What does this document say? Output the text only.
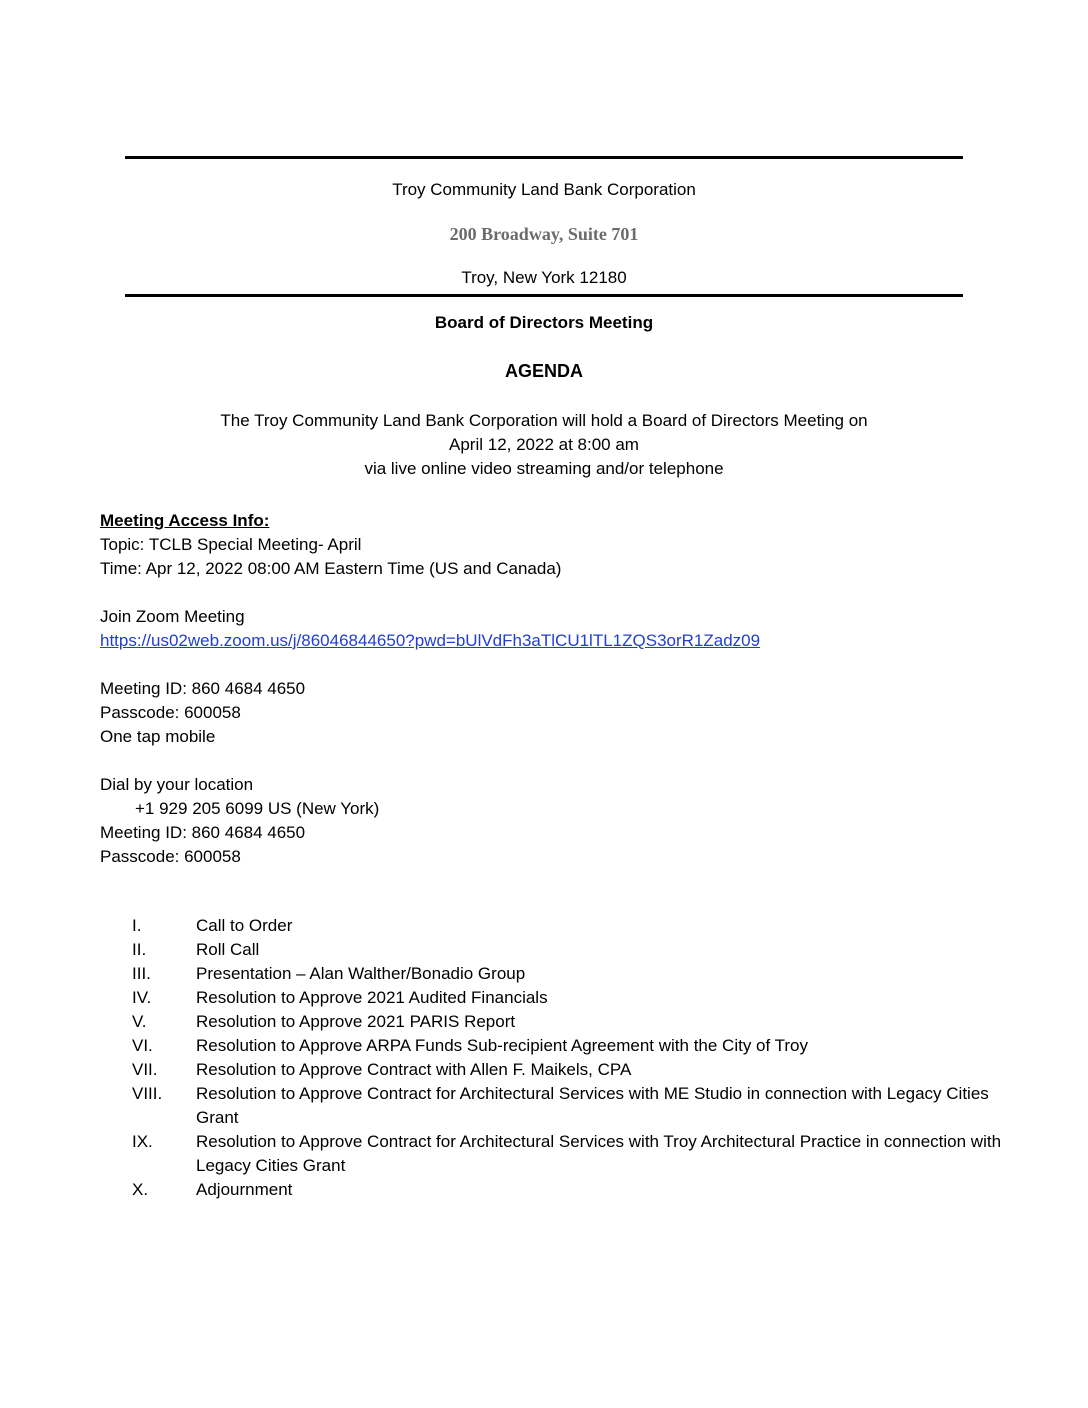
Troy Community Land Bank Corporation
200 Broadway, Suite 701
Troy, New York 12180
Board of Directors Meeting
AGENDA
The Troy Community Land Bank Corporation will hold a Board of Directors Meeting on
April 12, 2022 at 8:00 am
via live online video streaming and/or telephone
Meeting Access Info:
Topic: TCLB Special Meeting- April
Time: Apr 12, 2022 08:00 AM Eastern Time (US and Canada)
Join Zoom Meeting
https://us02web.zoom.us/j/86046844650?pwd=bUlVdFh3aTlCU1lTL1ZQS3orR1Zadz09
Meeting ID: 860 4684 4650
Passcode: 600058
One tap mobile
Dial by your location
+1 929 205 6099 US (New York)
Meeting ID: 860 4684 4650
Passcode: 600058
I.	Call to Order
II.	Roll Call
III.	Presentation – Alan Walther/Bonadio Group
IV.	Resolution to Approve 2021 Audited Financials
V.	Resolution to Approve 2021 PARIS Report
VI.	Resolution to Approve ARPA Funds Sub-recipient Agreement with the City of Troy
VII.	Resolution to Approve Contract with Allen F. Maikels, CPA
VIII.	Resolution to Approve Contract for Architectural Services with ME Studio in connection with Legacy Cities Grant
IX.	Resolution to Approve Contract for Architectural Services with Troy Architectural Practice in connection with Legacy Cities Grant
X.	Adjournment
